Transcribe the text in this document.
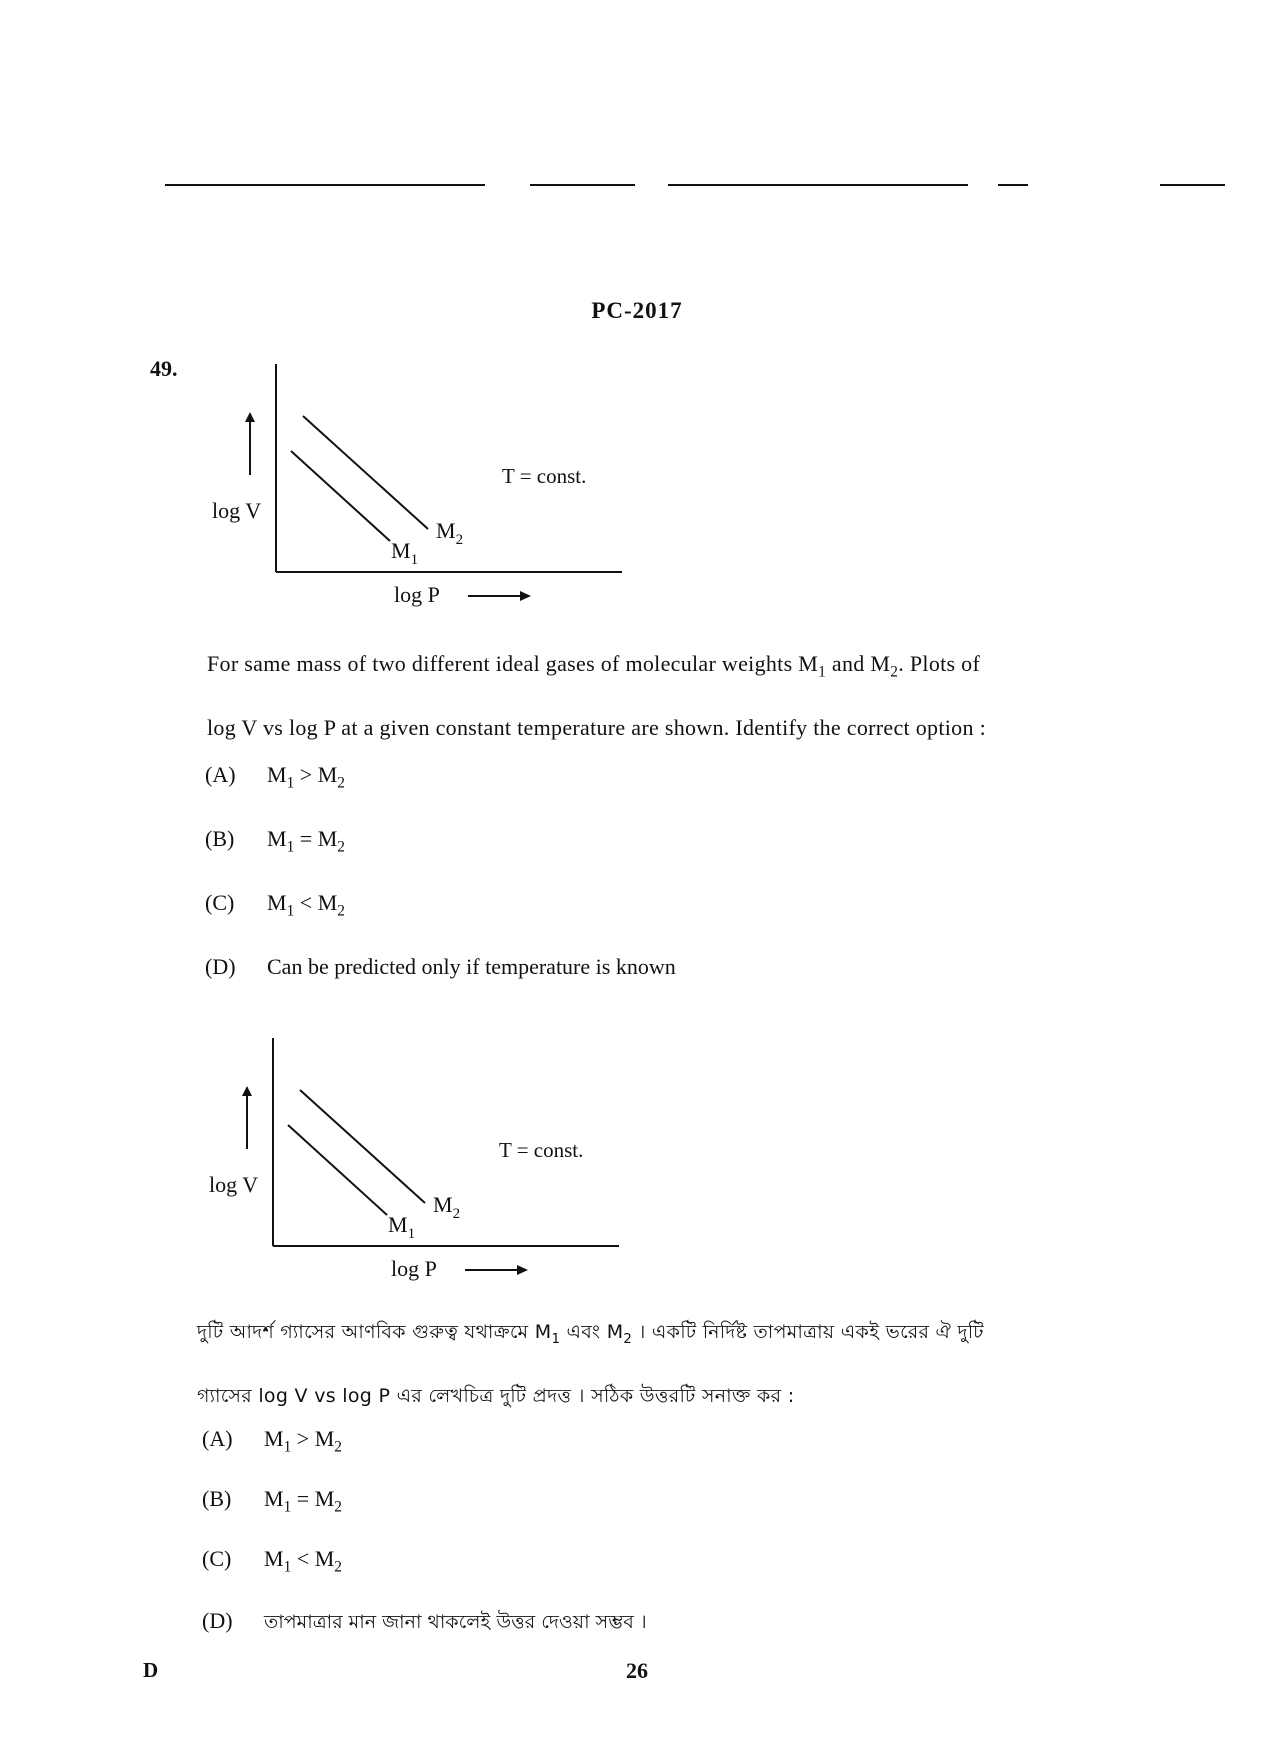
PC-2017
49.
log V
$M_1$
$M_2$
T = const.
log P
For same mass of two different ideal gases of molecular weights $M_1$ and $M_2$. Plots of
log V vs log P at a given constant temperature are shown. Identify the correct option :
(A) $M_1 > M_2$
(B) $M_1 = M_2$
(C) $M_1 < M_2$
(D) Can be predicted only if temperature is known
log V
$M_1$
$M_2$
T = const.
log P
দুটি আদর্শ গ্যাসের আণবিক গুরুত্ব যথাক্রমে $M_1$ এবং $M_2$ । একটি নির্দিষ্ট তাপমাত্রায় একই ভরের ঐ দুটি
গ্যাসের log V vs log P এর লেখচিত্র দুটি প্রদত্ত । সঠিক উত্তরটি সনাক্ত কর :
(A) $M_1 > M_2$
(B) $M_1 = M_2$
(C) $M_1 < M_2$
(D) তাপমাত্রার মান জানা থাকলেই উত্তর দেওয়া সম্ভব ।
D	26
